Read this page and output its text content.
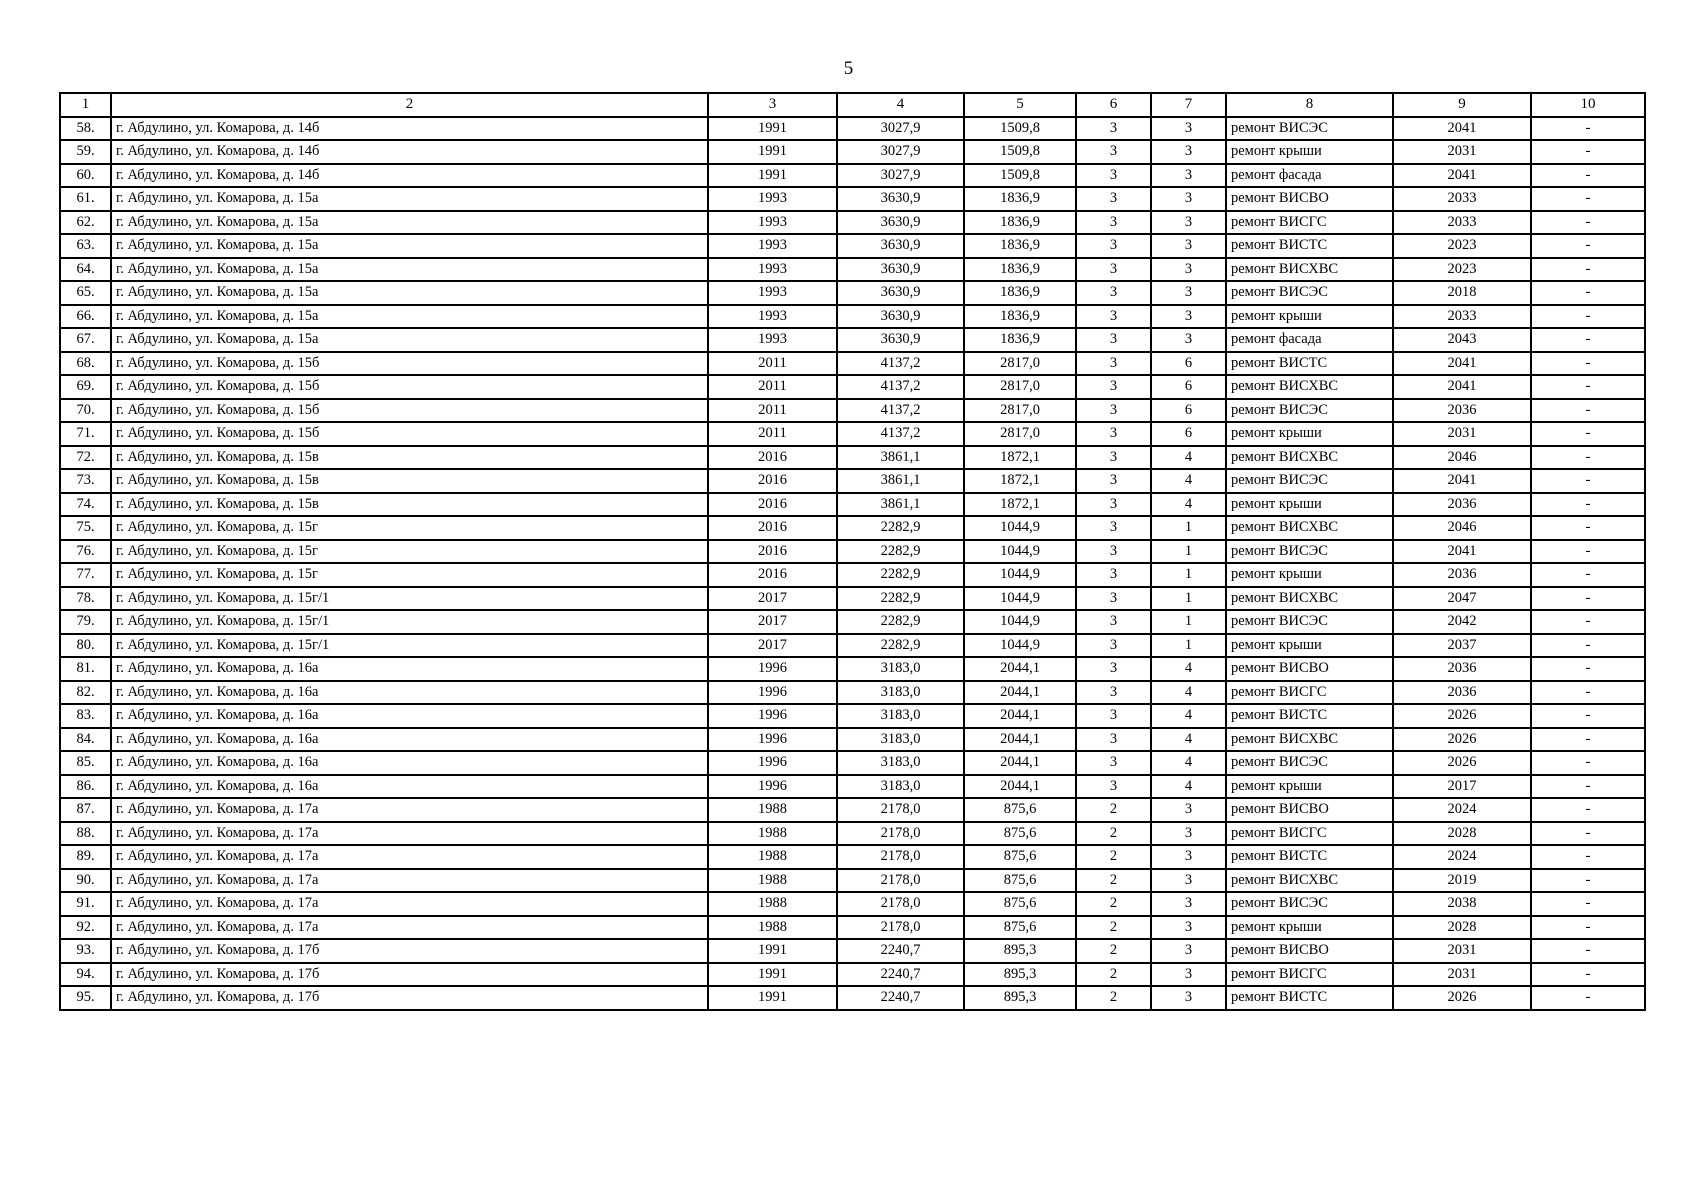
5
1	2	3	4	5	6	7	8	9	10
58.	г. Абдулино, ул. Комарова, д. 14б	1991	3027,9	1509,8	3	3	ремонт ВИСЭС	2041	-
59.	г. Абдулино, ул. Комарова, д. 14б	1991	3027,9	1509,8	3	3	ремонт крыши	2031	-
60.	г. Абдулино, ул. Комарова, д. 14б	1991	3027,9	1509,8	3	3	ремонт фасада	2041	-
61.	г. Абдулино, ул. Комарова, д. 15а	1993	3630,9	1836,9	3	3	ремонт ВИСВО	2033	-
62.	г. Абдулино, ул. Комарова, д. 15а	1993	3630,9	1836,9	3	3	ремонт ВИСГС	2033	-
63.	г. Абдулино, ул. Комарова, д. 15а	1993	3630,9	1836,9	3	3	ремонт ВИСТС	2023	-
64.	г. Абдулино, ул. Комарова, д. 15а	1993	3630,9	1836,9	3	3	ремонт ВИСХВС	2023	-
65.	г. Абдулино, ул. Комарова, д. 15а	1993	3630,9	1836,9	3	3	ремонт ВИСЭС	2018	-
66.	г. Абдулино, ул. Комарова, д. 15а	1993	3630,9	1836,9	3	3	ремонт крыши	2033	-
67.	г. Абдулино, ул. Комарова, д. 15а	1993	3630,9	1836,9	3	3	ремонт фасада	2043	-
68.	г. Абдулино, ул. Комарова, д. 15б	2011	4137,2	2817,0	3	6	ремонт ВИСТС	2041	-
69.	г. Абдулино, ул. Комарова, д. 15б	2011	4137,2	2817,0	3	6	ремонт ВИСХВС	2041	-
70.	г. Абдулино, ул. Комарова, д. 15б	2011	4137,2	2817,0	3	6	ремонт ВИСЭС	2036	-
71.	г. Абдулино, ул. Комарова, д. 15б	2011	4137,2	2817,0	3	6	ремонт крыши	2031	-
72.	г. Абдулино, ул. Комарова, д. 15в	2016	3861,1	1872,1	3	4	ремонт ВИСХВС	2046	-
73.	г. Абдулино, ул. Комарова, д. 15в	2016	3861,1	1872,1	3	4	ремонт ВИСЭС	2041	-
74.	г. Абдулино, ул. Комарова, д. 15в	2016	3861,1	1872,1	3	4	ремонт крыши	2036	-
75.	г. Абдулино, ул. Комарова, д. 15г	2016	2282,9	1044,9	3	1	ремонт ВИСХВС	2046	-
76.	г. Абдулино, ул. Комарова, д. 15г	2016	2282,9	1044,9	3	1	ремонт ВИСЭС	2041	-
77.	г. Абдулино, ул. Комарова, д. 15г	2016	2282,9	1044,9	3	1	ремонт крыши	2036	-
78.	г. Абдулино, ул. Комарова, д. 15г/1	2017	2282,9	1044,9	3	1	ремонт ВИСХВС	2047	-
79.	г. Абдулино, ул. Комарова, д. 15г/1	2017	2282,9	1044,9	3	1	ремонт ВИСЭС	2042	-
80.	г. Абдулино, ул. Комарова, д. 15г/1	2017	2282,9	1044,9	3	1	ремонт крыши	2037	-
81.	г. Абдулино, ул. Комарова, д. 16а	1996	3183,0	2044,1	3	4	ремонт ВИСВО	2036	-
82.	г. Абдулино, ул. Комарова, д. 16а	1996	3183,0	2044,1	3	4	ремонт ВИСГС	2036	-
83.	г. Абдулино, ул. Комарова, д. 16а	1996	3183,0	2044,1	3	4	ремонт ВИСТС	2026	-
84.	г. Абдулино, ул. Комарова, д. 16а	1996	3183,0	2044,1	3	4	ремонт ВИСХВС	2026	-
85.	г. Абдулино, ул. Комарова, д. 16а	1996	3183,0	2044,1	3	4	ремонт ВИСЭС	2026	-
86.	г. Абдулино, ул. Комарова, д. 16а	1996	3183,0	2044,1	3	4	ремонт крыши	2017	-
87.	г. Абдулино, ул. Комарова, д. 17а	1988	2178,0	875,6	2	3	ремонт ВИСВО	2024	-
88.	г. Абдулино, ул. Комарова, д. 17а	1988	2178,0	875,6	2	3	ремонт ВИСГС	2028	-
89.	г. Абдулино, ул. Комарова, д. 17а	1988	2178,0	875,6	2	3	ремонт ВИСТС	2024	-
90.	г. Абдулино, ул. Комарова, д. 17а	1988	2178,0	875,6	2	3	ремонт ВИСХВС	2019	-
91.	г. Абдулино, ул. Комарова, д. 17а	1988	2178,0	875,6	2	3	ремонт ВИСЭС	2038	-
92.	г. Абдулино, ул. Комарова, д. 17а	1988	2178,0	875,6	2	3	ремонт крыши	2028	-
93.	г. Абдулино, ул. Комарова, д. 17б	1991	2240,7	895,3	2	3	ремонт ВИСВО	2031	-
94.	г. Абдулино, ул. Комарова, д. 17б	1991	2240,7	895,3	2	3	ремонт ВИСГС	2031	-
95.	г. Абдулино, ул. Комарова, д. 17б	1991	2240,7	895,3	2	3	ремонт ВИСТС	2026	-
